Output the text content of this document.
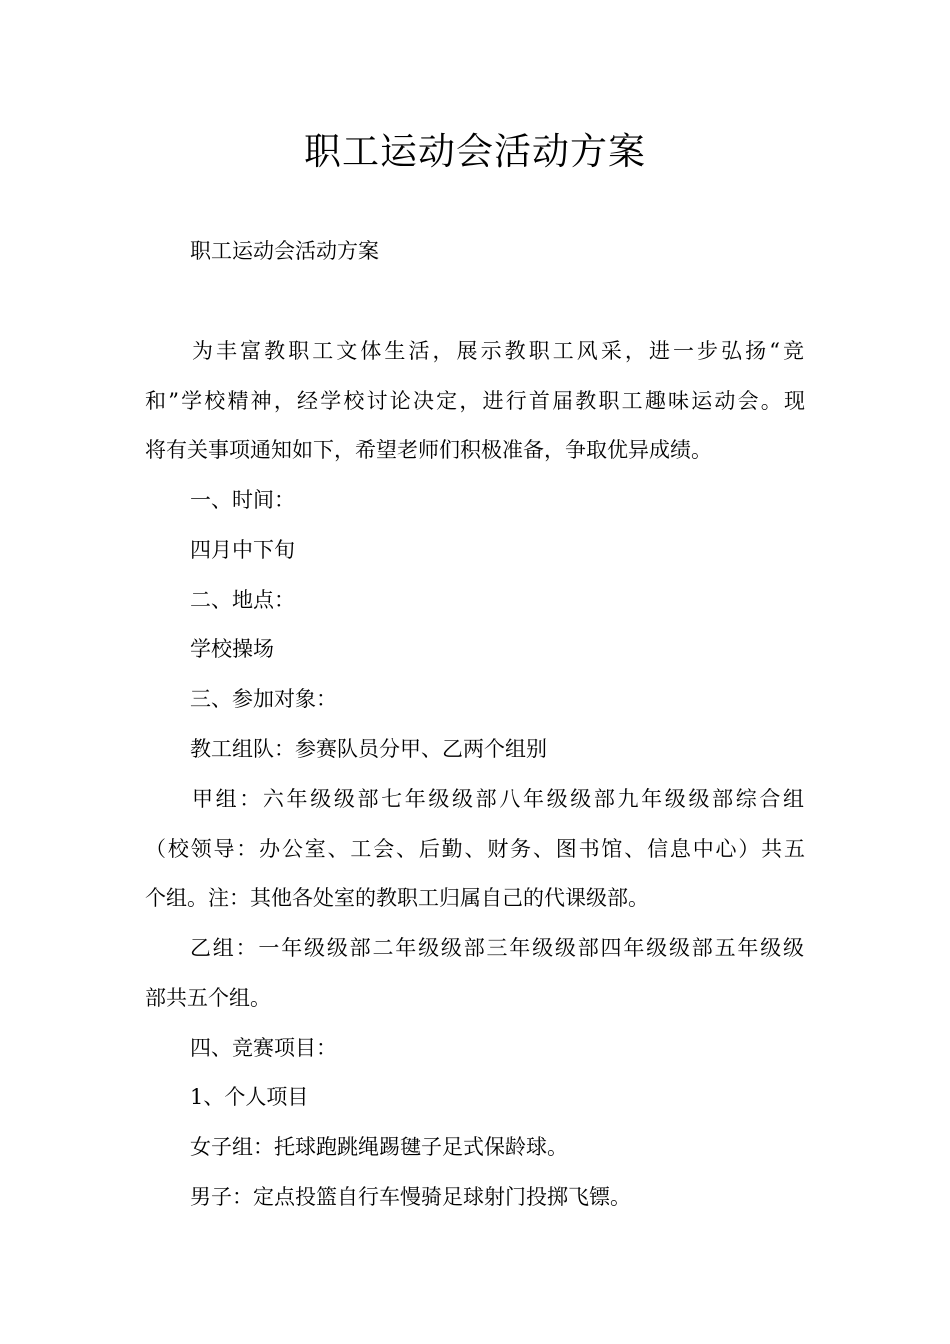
职工运动会活动方案

职工运动会活动方案

为丰富教职工文体生活，展示教职工风采，进一步弘扬“竞

和”学校精神，经学校讨论决定，进行首届教职工趣味运动会。现

将有关事项通知如下，希望老师们积极准备，争取优异成绩。

一、时间：

四月中下旬

二、地点：

学校操场

三、参加对象：

教工组队：参赛队员分甲、乙两个组别

甲组：六年级级部七年级级部八年级级部九年级级部综合组

（校领导：办公室、工会、后勤、财务、图书馆、信息中心）共五

个组。注：其他各处室的教职工归属自己的代课级部。

乙组：一年级级部二年级级部三年级级部四年级级部五年级级

部共五个组。

四、竞赛项目：

1、个人项目

女子组：托球跑跳绳踢毽子足式保龄球。

男子：定点投篮自行车慢骑足球射门投掷飞镖。
